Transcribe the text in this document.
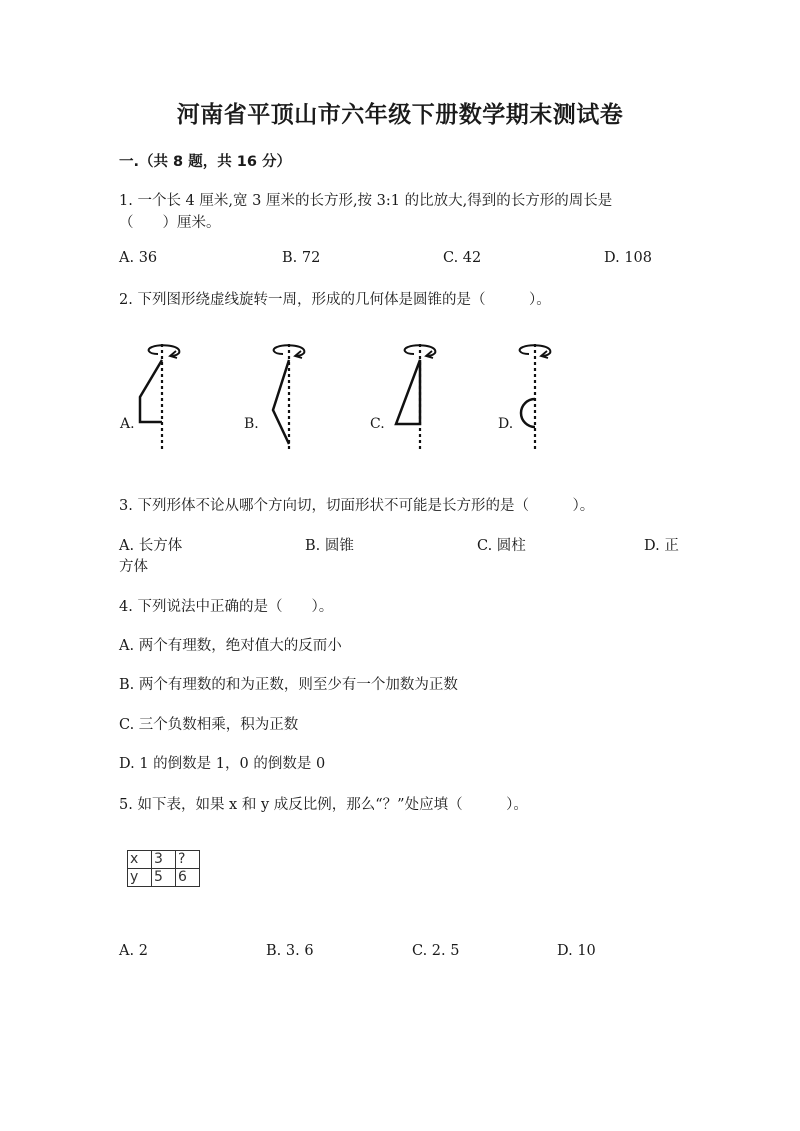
河南省平顶山市六年级下册数学期末测试卷
一.（共 8 题，共 16 分）
1. 一个长 4 厘米,宽 3 厘米的长方形,按 3:1 的比放大,得到的长方形的周长是
（　　）厘米。
A. 36	B. 72	C. 42	D. 108
2. 下列图形绕虚线旋转一周，形成的几何体是圆锥的是（　　　）。
A.	B.	C.	D.
3. 下列形体不论从哪个方向切，切面形状不可能是长方形的是（　　　）。
A. 长方体	B. 圆锥	C. 圆柱	D. 正
方体
4. 下列说法中正确的是（　　）。
A. 两个有理数，绝对值大的反而小
B. 两个有理数的和为正数，则至少有一个加数为正数
C. 三个负数相乘，积为正数
D. 1 的倒数是 1，0 的倒数是 0
5. 如下表，如果 x 和 y 成反比例，那么“？”处应填（　　　）。
x	3	?
y	5	6
A. 2	B. 3. 6	C. 2. 5	D. 10
